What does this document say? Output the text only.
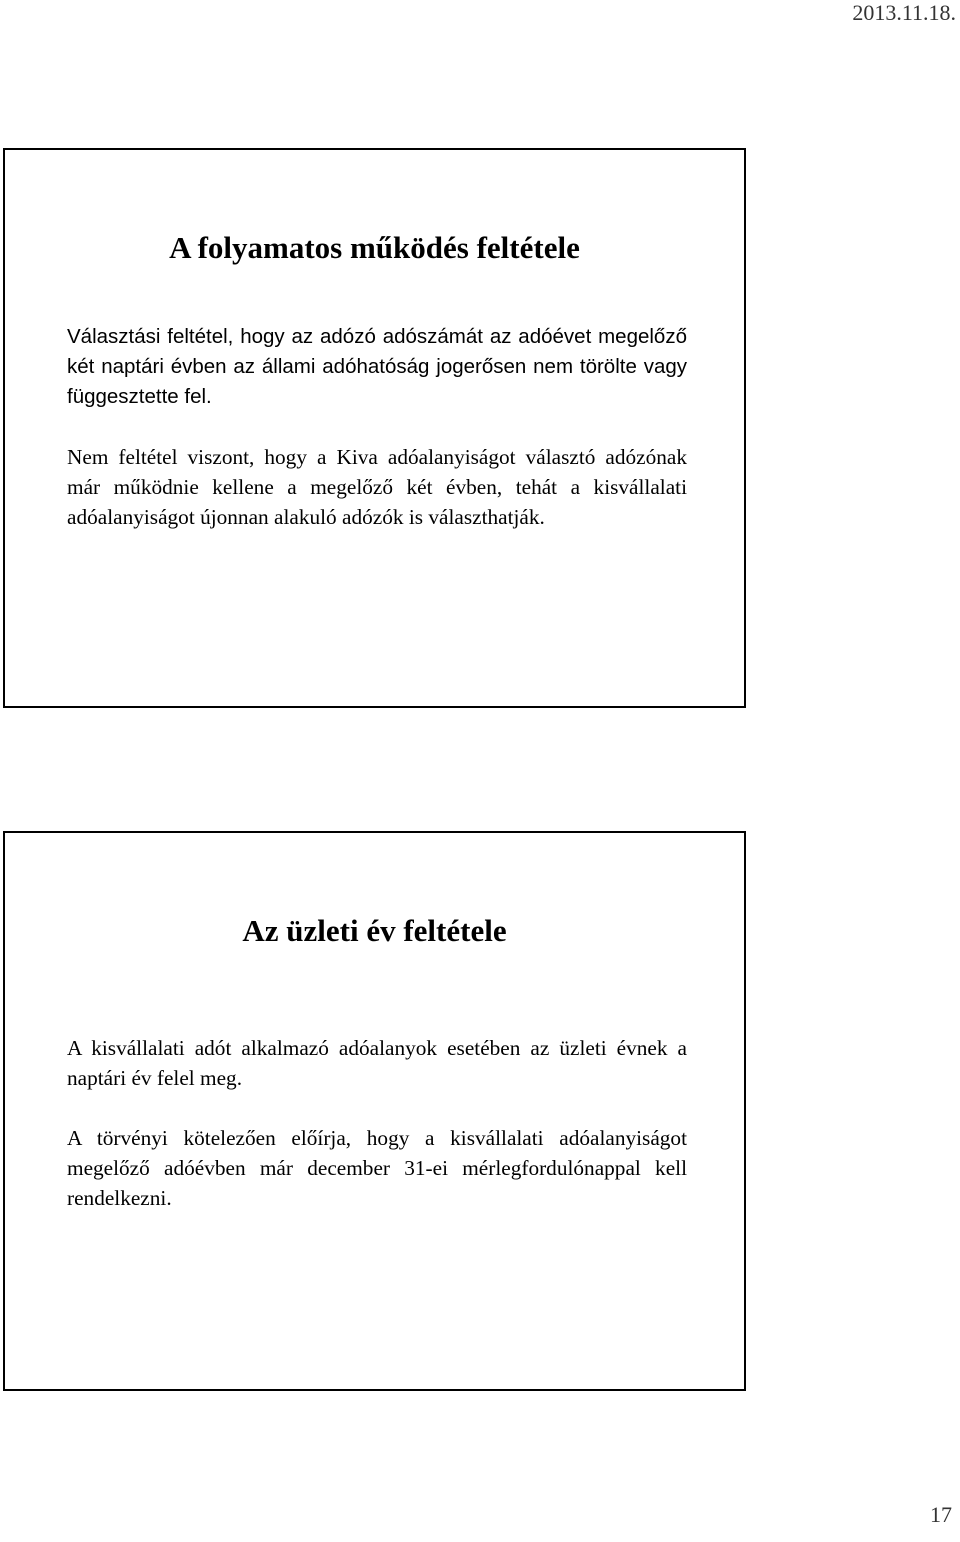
2013.11.18.
A folyamatos működés feltétele

Választási feltétel, hogy az adózó adószámát az adóévet megelőző két naptári évben az állami adóhatóság jogerősen nem törölte vagy függesztette fel.

Nem feltétel viszont, hogy a Kiva adóalanyiságot választó adózónak már működnie kellene a megelőző két évben, tehát a kisvállalati adóalanyiságot újonnan alakuló adózók is választhatják.

Az üzleti év feltétele

A kisvállalati adót alkalmazó adóalanyok esetében az üzleti évnek a naptári év felel meg.

A törvényi kötelezően előírja, hogy a kisvállalati adóalanyiságot megelőző adóévben már december 31-ei mérlegfordulónappal kell rendelkezni.

17
